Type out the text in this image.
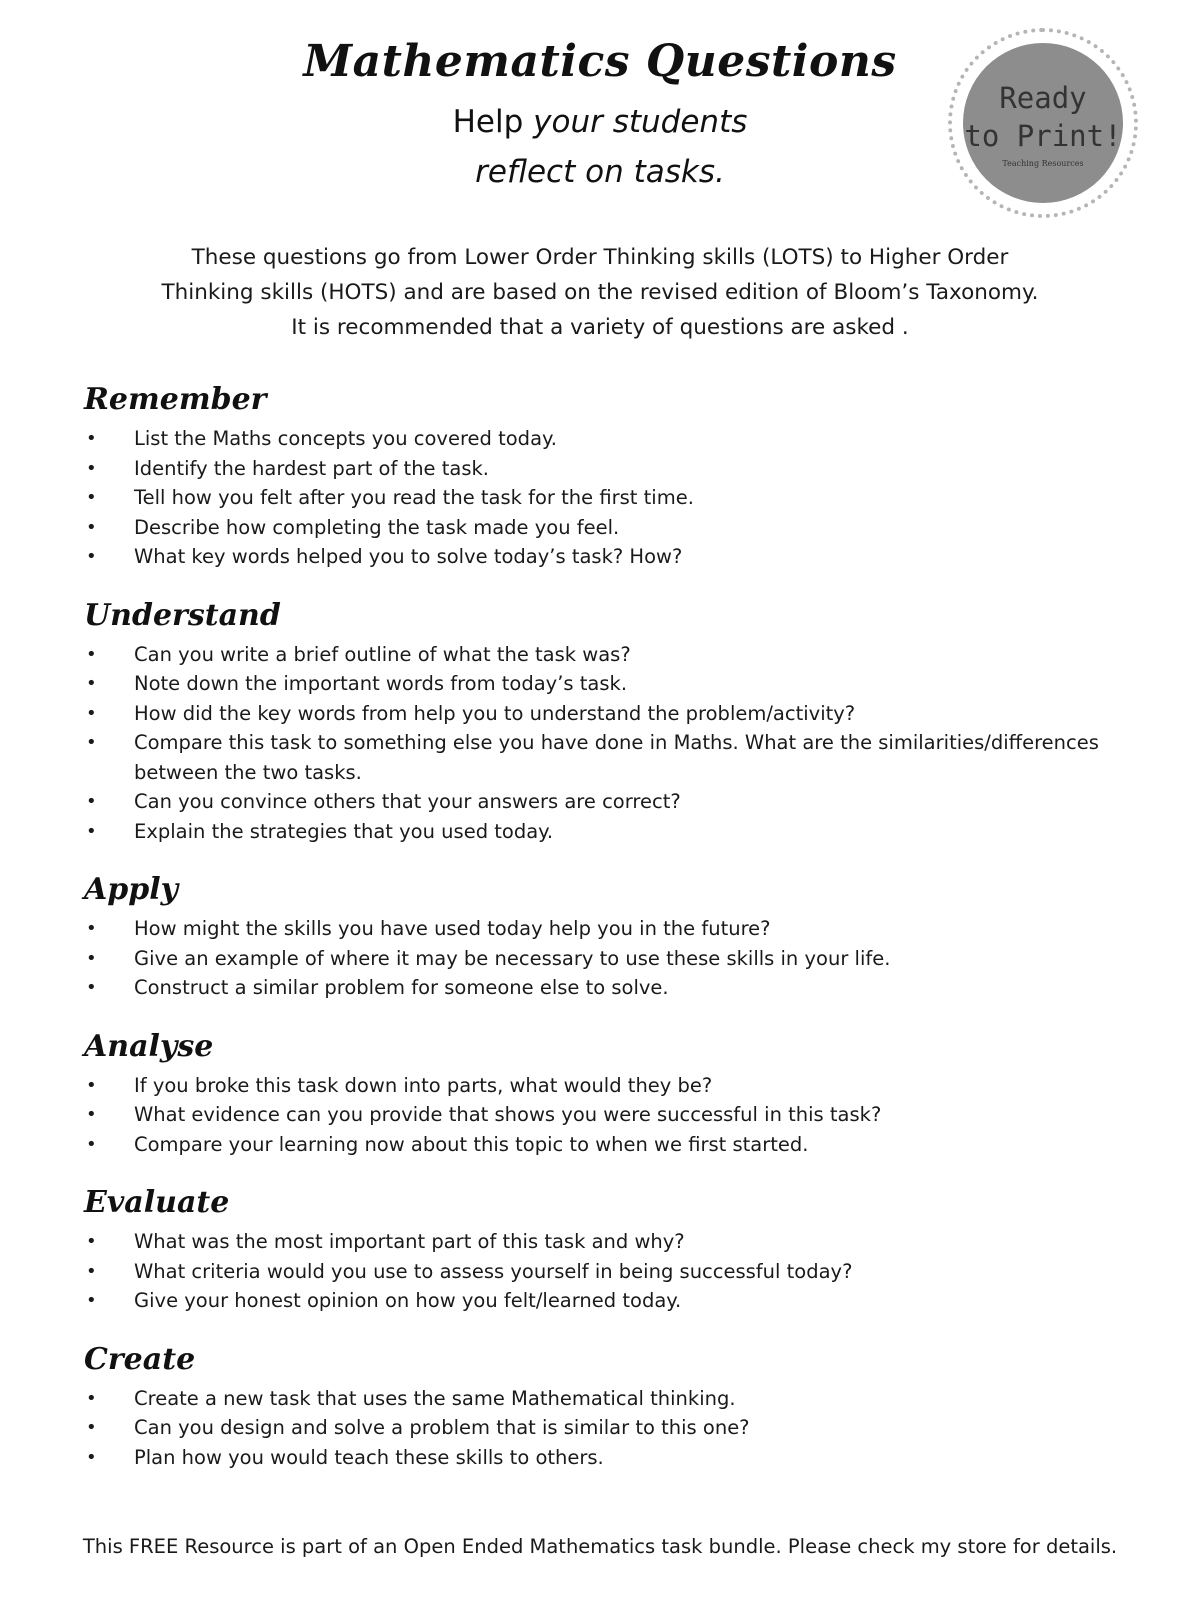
Mathematics Questions
Help your students
reflect on tasks.
Ready
to Print!
Teaching Resources
These questions go from Lower Order Thinking skills (LOTS) to Higher Order
Thinking skills (HOTS) and are based on the revised edition of Bloom’s Taxonomy.
It is recommended that a variety of questions are asked .
Remember
• List the Maths concepts you covered today.
• Identify the hardest part of the task.
• Tell how you felt after you read the task for the first time.
• Describe how completing the task made you feel.
• What key words helped you to solve today’s task? How?
Understand
• Can you write a brief outline of what the task was?
• Note down the important words from today’s task.
• How did the key words from help you to understand the problem/activity?
• Compare this task to something else you have done in Maths. What are the similarities/differences between the two tasks.
• Can you convince others that your answers are correct?
• Explain the strategies that you used today.
Apply
• How might the skills you have used today help you in the future?
• Give an example of where it may be necessary to use these skills in your life.
• Construct a similar problem for someone else to solve.
Analyse
• If you broke this task down into parts, what would they be?
• What evidence can you provide that shows you were successful in this task?
• Compare your learning now about this topic to when we first started.
Evaluate
• What was the most important part of this task and why?
• What criteria would you use to assess yourself in being successful today?
• Give your honest opinion on how you felt/learned today.
Create
• Create a new task that uses the same Mathematical thinking.
• Can you design and solve a problem that is similar to this one?
• Plan how you would teach these skills to others.
This FREE Resource is part of an Open Ended Mathematics task bundle. Please check my store for details.
